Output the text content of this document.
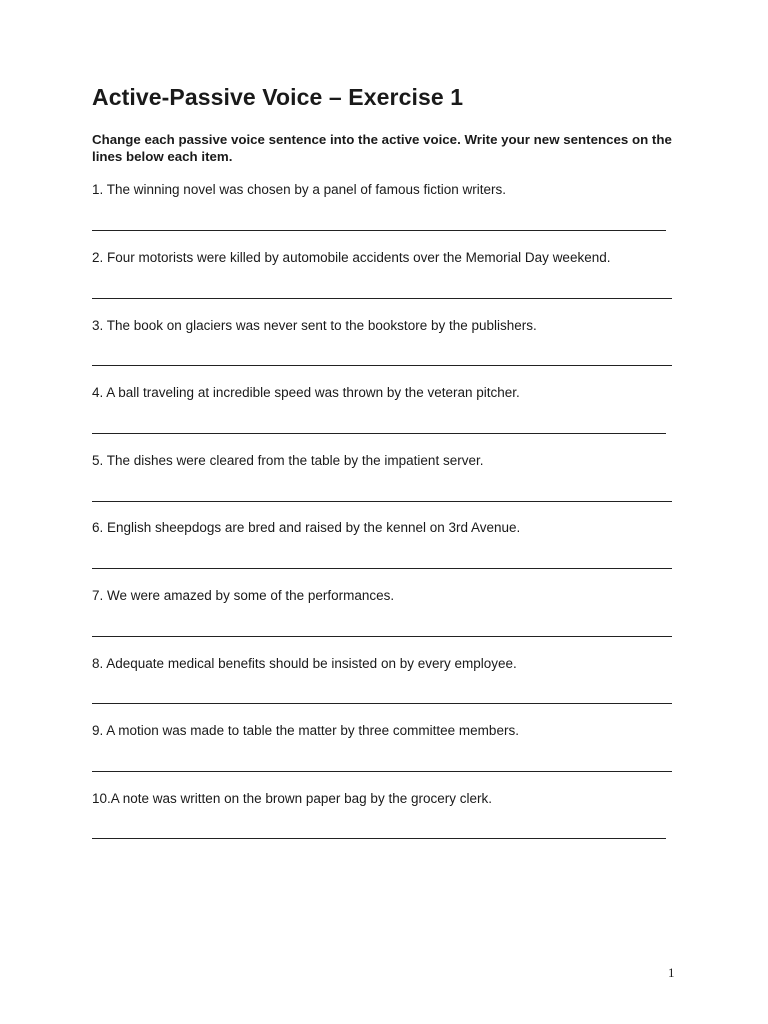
Active-Passive Voice – Exercise 1

Change each passive voice sentence into the active voice. Write your new sentences on the lines below each item.

1. The winning novel was chosen by a panel of famous fiction writers.
2. Four motorists were killed by automobile accidents over the Memorial Day weekend.
3. The book on glaciers was never sent to the bookstore by the publishers.
4. A ball traveling at incredible speed was thrown by the veteran pitcher.
5. The dishes were cleared from the table by the impatient server.
6. English sheepdogs are bred and raised by the kennel on 3rd Avenue.
7. We were amazed by some of the performances.
8. Adequate medical benefits should be insisted on by every employee.
9. A motion was made to table the matter by three committee members.
10.A note was written on the brown paper bag by the grocery clerk.
1
